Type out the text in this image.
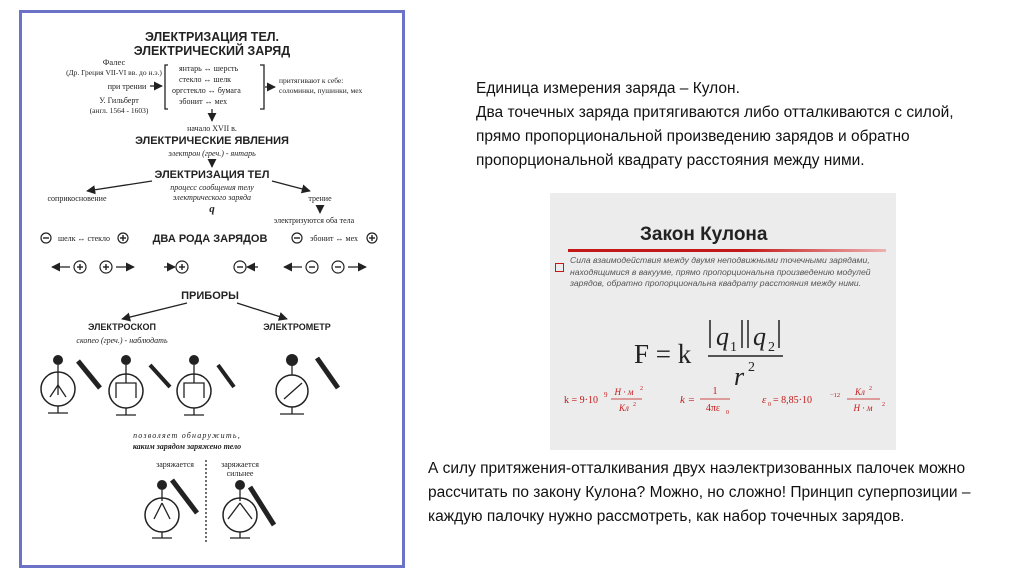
ЭЛЕКТРИЗАЦИЯ ТЕЛ.
ЭЛЕКТРИЧЕСКИЙ ЗАРЯД
Фалес
(Др. Греция VII-VI вв. до н.э.)
при трении
У. Гильберт
(англ. 1564 - 1603)
янтарь ↔ шерсть
стекло ↔ шелк
оргстекло ↔ бумага
эбонит ↔ мех
притягивают к себе:
соломинки, пушинки, мех
начало XVII в.
ЭЛЕКТРИЧЕСКИЕ ЯВЛЕНИЯ
электрон (греч.) - янтарь
ЭЛЕКТРИЗАЦИЯ ТЕЛ
процесс сообщения телу
электрического заряда
q
соприкосновение	трение
электризуются оба тела
шелк ↔ стекло	ДВА РОДА ЗАРЯДОВ	эбонит ↔ мех
ПРИБОРЫ
ЭЛЕКТРОСКОП	ЭЛЕКТРОМЕТР
скопео (греч.) - наблюдать
позволяет обнаружить,
каким зарядом заряжено тело
заряжается	заряжается
сильнее
Единица измерения заряда – Кулон.
Два точечных заряда притягиваются либо отталкиваются с силой, прямо пропорциональной произведению зарядов и обратно пропорциональной квадрату расстояния между ними.
Закон Кулона
Сила взаимодействия между двумя неподвижными точечными зарядами, находящимися в вакууме, прямо пропорциональна произведению модулей зарядов, обратно пропорциональна квадрату расстояния между ними.
F = k
q 1 q 2
r 2
k = 9·10 9 Н · м 2
Кл 2	k =
1
4πε 0
ε 0 = 8,85·10	−12 Кл 2
Н · м 2
А силу притяжения-отталкивания двух наэлектризованных палочек можно рассчитать по закону Кулона? Можно, но сложно! Принцип суперпозиции – каждую палочку нужно рассмотреть, как набор точечных зарядов.
